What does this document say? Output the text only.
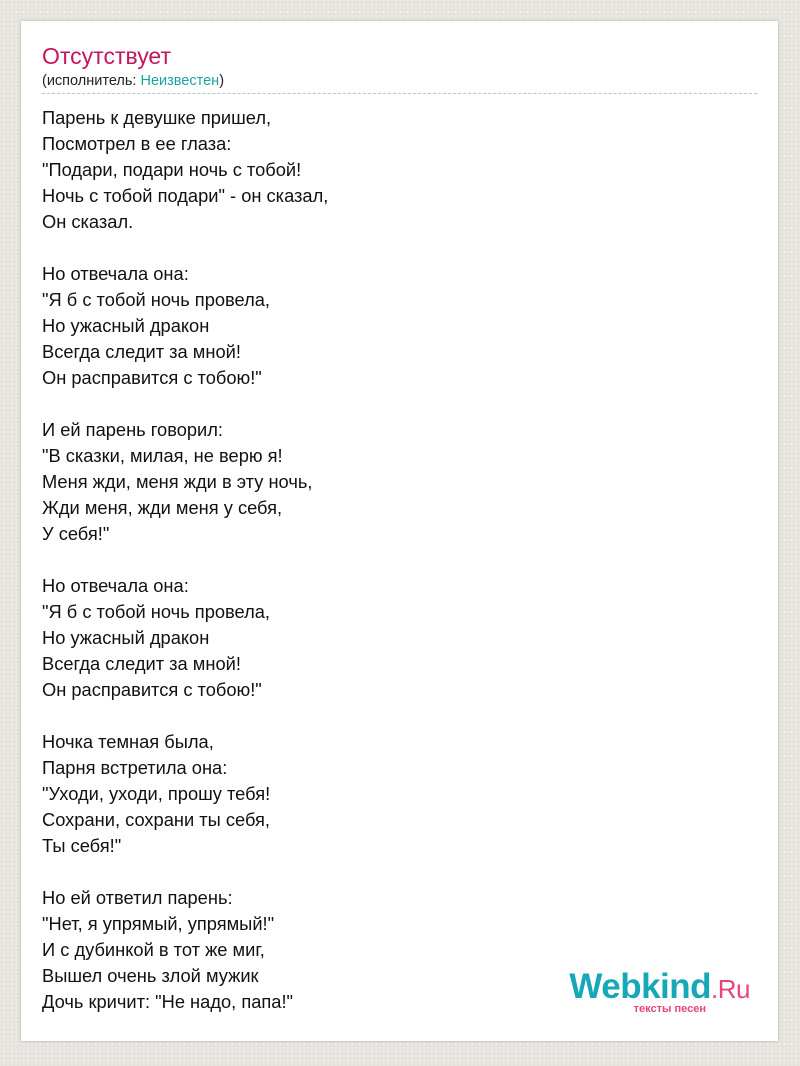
Отсутствует
(исполнитель: Неизвестен)
Парень к девушке пришел,
Посмотрел в ее глаза:
"Подари, подари ночь с тобой!
Ночь с тобой подари" - он сказал,
Он сказал.
Но отвечала она:
"Я б с тобой ночь провела,
Но ужасный дракон
Всегда следит за мной!
Он расправится с тобою!"
И ей парень говорил:
"В сказки, милая, не верю я!
Меня жди, меня жди в эту ночь,
Жди меня, жди меня у себя,
У себя!"
Но отвечала она:
"Я б с тобой ночь провела,
Но ужасный дракон
Всегда следит за мной!
Он расправится с тобою!"
Ночка темная была,
Парня встретила она:
"Уходи, уходи, прошу тебя!
Сохрани, сохрани ты себя,
Ты себя!"
Но ей ответил парень:
"Нет, я упрямый, упрямый!"
И с дубинкой в тот же миг,
Вышел очень злой мужик
Дочь кричит: "Не надо, папа!"	Webkind.Ru
тексты песен
